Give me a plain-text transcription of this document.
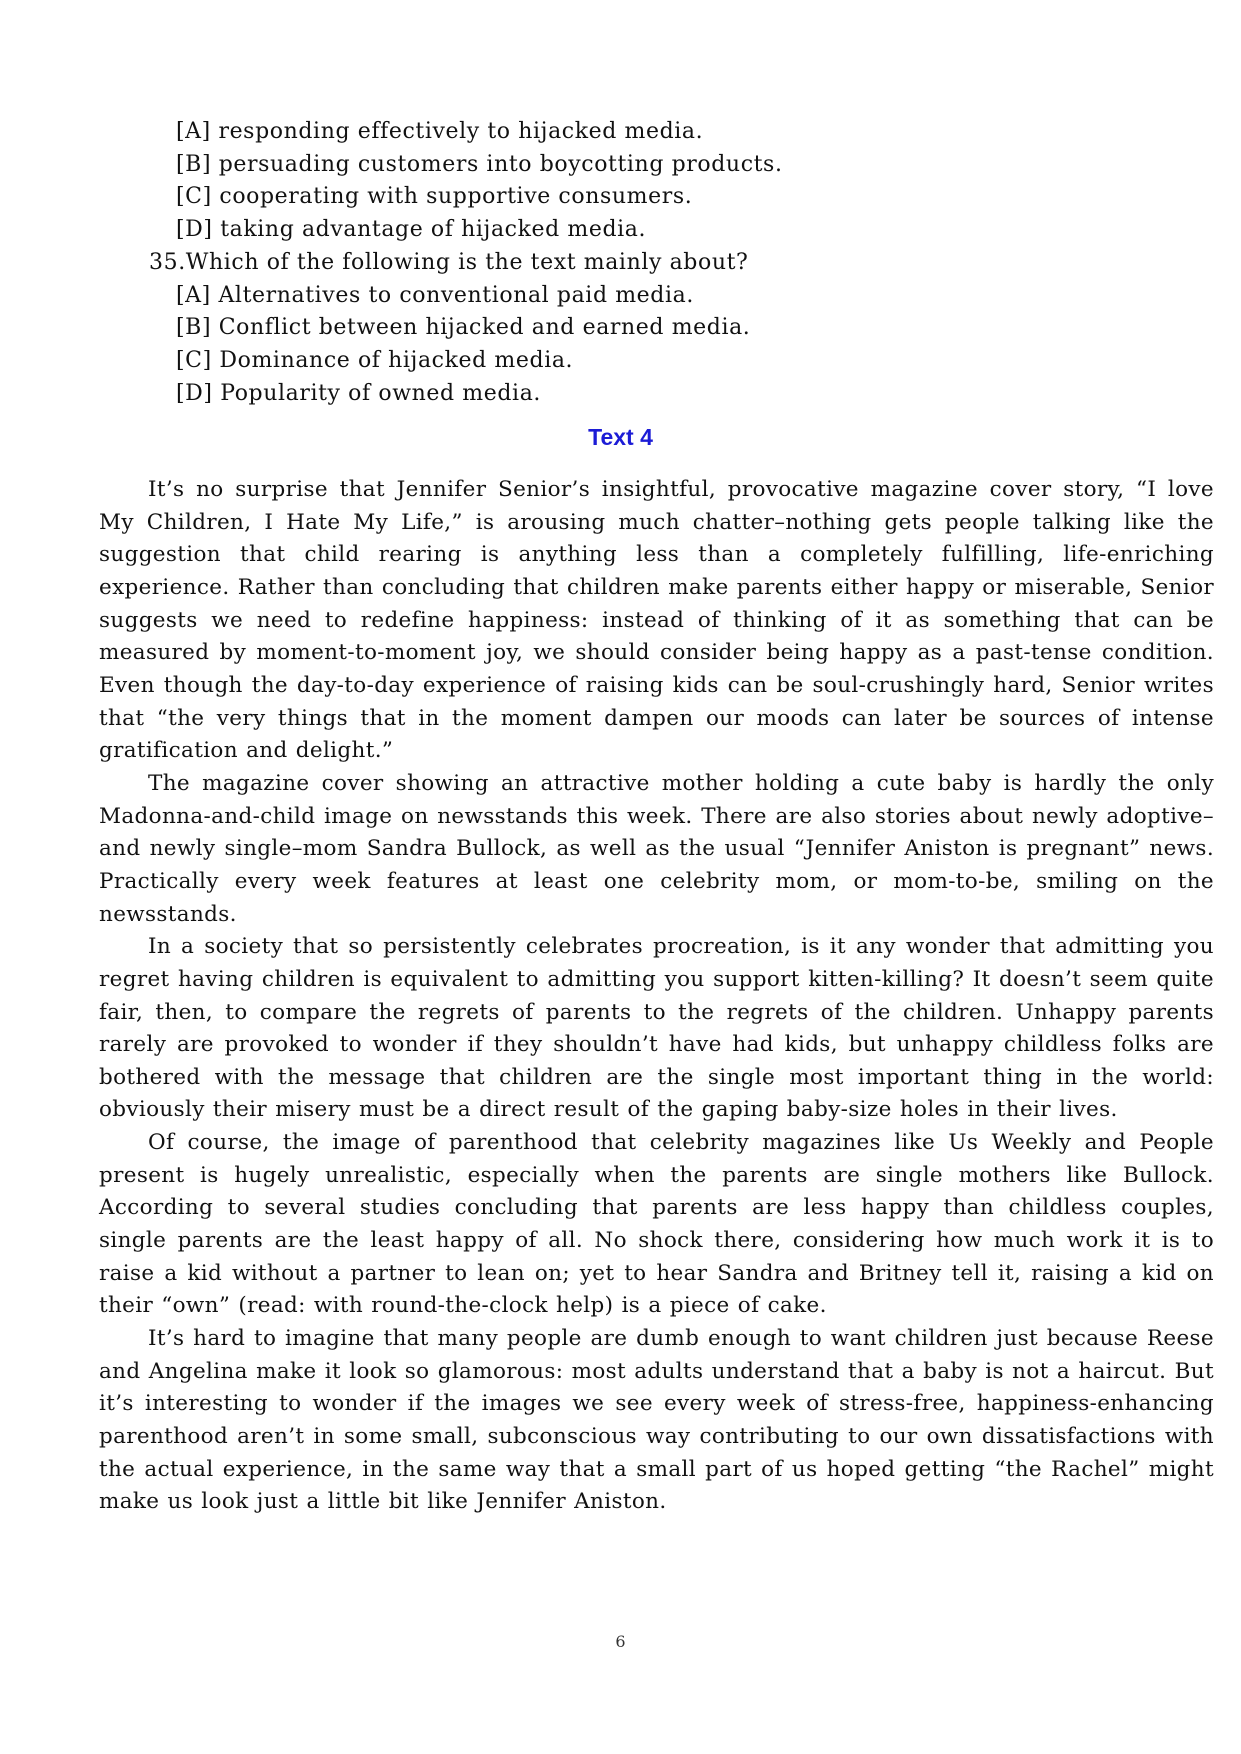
[A] responding effectively to hijacked media.
[B] persuading customers into boycotting products.
[C] cooperating with supportive consumers.
[D] taking advantage of hijacked media.
35.Which of the following is the text mainly about?
[A] Alternatives to conventional paid media.
[B] Conflict between hijacked and earned media.
[C] Dominance of hijacked media.
[D] Popularity of owned media.
Text 4

It’s no surprise that Jennifer Senior’s insightful, provocative magazine cover story, “I love My Children, I Hate My Life,” is arousing much chatter–nothing gets people talking like the suggestion that child rearing is anything less than a completely fulfilling, life-enriching experience. Rather than concluding that children make parents either happy or miserable, Senior suggests we need to redefine happiness: instead of thinking of it as something that can be measured by moment-to-moment joy, we should consider being happy as a past-tense condition. Even though the day-to-day experience of raising kids can be soul-crushingly hard, Senior writes that “the very things that in the moment dampen our moods can later be sources of intense gratification and delight.”

The magazine cover showing an attractive mother holding a cute baby is hardly the only Madonna-and-child image on newsstands this week. There are also stories about newly adoptive–and newly single–mom Sandra Bullock, as well as the usual “Jennifer Aniston is pregnant” news. Practically every week features at least one celebrity mom, or mom-to-be, smiling on the newsstands.

In a society that so persistently celebrates procreation, is it any wonder that admitting you regret having children is equivalent to admitting you support kitten-killing? It doesn’t seem quite fair, then, to compare the regrets of parents to the regrets of the children. Unhappy parents rarely are provoked to wonder if they shouldn’t have had kids, but unhappy childless folks are bothered with the message that children are the single most important thing in the world: obviously their misery must be a direct result of the gaping baby-size holes in their lives.

Of course, the image of parenthood that celebrity magazines like Us Weekly and People present is hugely unrealistic, especially when the parents are single mothers like Bullock. According to several studies concluding that parents are less happy than childless couples, single parents are the least happy of all. No shock there, considering how much work it is to raise a kid without a partner to lean on; yet to hear Sandra and Britney tell it, raising a kid on their “own” (read: with round-the-clock help) is a piece of cake.

It’s hard to imagine that many people are dumb enough to want children just because Reese and Angelina make it look so glamorous: most adults understand that a baby is not a haircut. But it’s interesting to wonder if the images we see every week of stress-free, happiness-enhancing parenthood aren’t in some small, subconscious way contributing to our own dissatisfactions with the actual experience, in the same way that a small part of us hoped getting “the Rachel” might make us look just a little bit like Jennifer Aniston.

6
